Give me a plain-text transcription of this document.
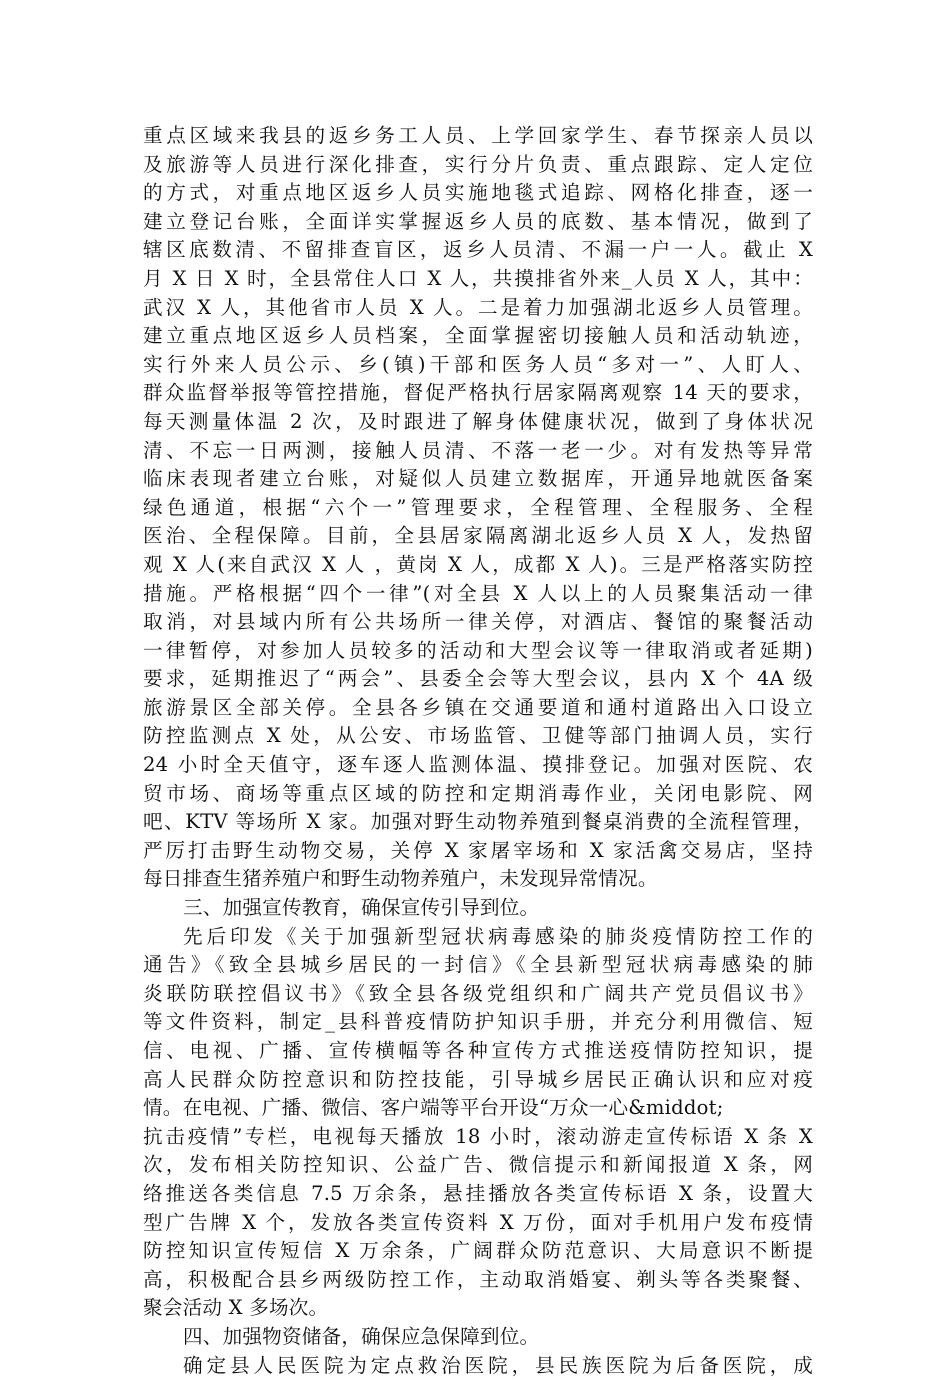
重点区域来我县的返乡务工人员、上学回家学生、春节探亲人员以
及旅游等人员进行深化排查，实行分片负责、重点跟踪、定人定位
的方式，对重点地区返乡人员实施地毯式追踪、网格化排查，逐一
建立登记台账，全面详实掌握返乡人员的底数、基本情况，做到了
辖区底数清、不留排查盲区，返乡人员清、不漏一户一人。截止 X
月 X 日 X 时，全县常住人口 X 人，共摸排省外来_人员 X 人，其中：
武汉 X 人，其他省市人员 X 人。二是着力加强湖北返乡人员管理。
建立重点地区返乡人员档案，全面掌握密切接触人员和活动轨迹，
实行外来人员公示、乡(镇)干部和医务人员“多对一”、人盯人、
群众监督举报等管控措施，督促严格执行居家隔离观察 14 天的要求，
每天测量体温 2 次，及时跟进了解身体健康状况，做到了身体状况
清、不忘一日两测，接触人员清、不落一老一少。对有发热等异常
临床表现者建立台账，对疑似人员建立数据库，开通异地就医备案
绿色通道，根据“六个一”管理要求，全程管理、全程服务、全程
医治、全程保障。目前，全县居家隔离湖北返乡人员 X 人，发热留
观 X 人(来自武汉 X 人 ，黄岗 X 人，成都 X 人)。三是严格落实防控
措施。严格根据“四个一律”(对全县 X 人以上的人员聚集活动一律
取消，对县域内所有公共场所一律关停，对酒店、餐馆的聚餐活动
一律暂停，对参加人员较多的活动和大型会议等一律取消或者延期)
要求，延期推迟了“两会”、县委全会等大型会议，县内 X 个 4A 级
旅游景区全部关停。全县各乡镇在交通要道和通村道路出入口设立
防控监测点 X 处，从公安、市场监管、卫健等部门抽调人员，实行
24 小时全天值守，逐车逐人监测体温、摸排登记。加强对医院、农
贸市场、商场等重点区域的防控和定期消毒作业，关闭电影院、网
吧、KTV 等场所 X 家。加强对野生动物养殖到餐桌消费的全流程管理，
严厉打击野生动物交易，关停 X 家屠宰场和 X 家活禽交易店，坚持
每日排查生猪养殖户和野生动物养殖户，未发现异常情况。
三、加强宣传教育，确保宣传引导到位。
先后印发《关于加强新型冠状病毒感染的肺炎疫情防控工作的
通告》《致全县城乡居民的一封信》《全县新型冠状病毒感染的肺
炎联防联控倡议书》《致全县各级党组织和广阔共产党员倡议书》
等文件资料，制定_县科普疫情防护知识手册，并充分利用微信、短
信、电视、广播、宣传横幅等各种宣传方式推送疫情防控知识，提
高人民群众防控意识和防控技能，引导城乡居民正确认识和应对疫
情。在电视、广播、微信、客户端等平台开设“万众一心&middot;
抗击疫情”专栏，电视每天播放 18 小时，滚动游走宣传标语 X 条 X
次，发布相关防控知识、公益广告、微信提示和新闻报道 X 条，网
络推送各类信息 7.5 万余条，悬挂播放各类宣传标语 X 条，设置大
型广告牌 X 个，发放各类宣传资料 X 万份，面对手机用户发布疫情
防控知识宣传短信 X 万余条，广阔群众防范意识、大局意识不断提
高，积极配合县乡两级防控工作，主动取消婚宴、剃头等各类聚餐、
聚会活动 X 多场次。
四、加强物资储备，确保应急保障到位。
确定县人民医院为定点救治医院，县民族医院为后备医院，成
